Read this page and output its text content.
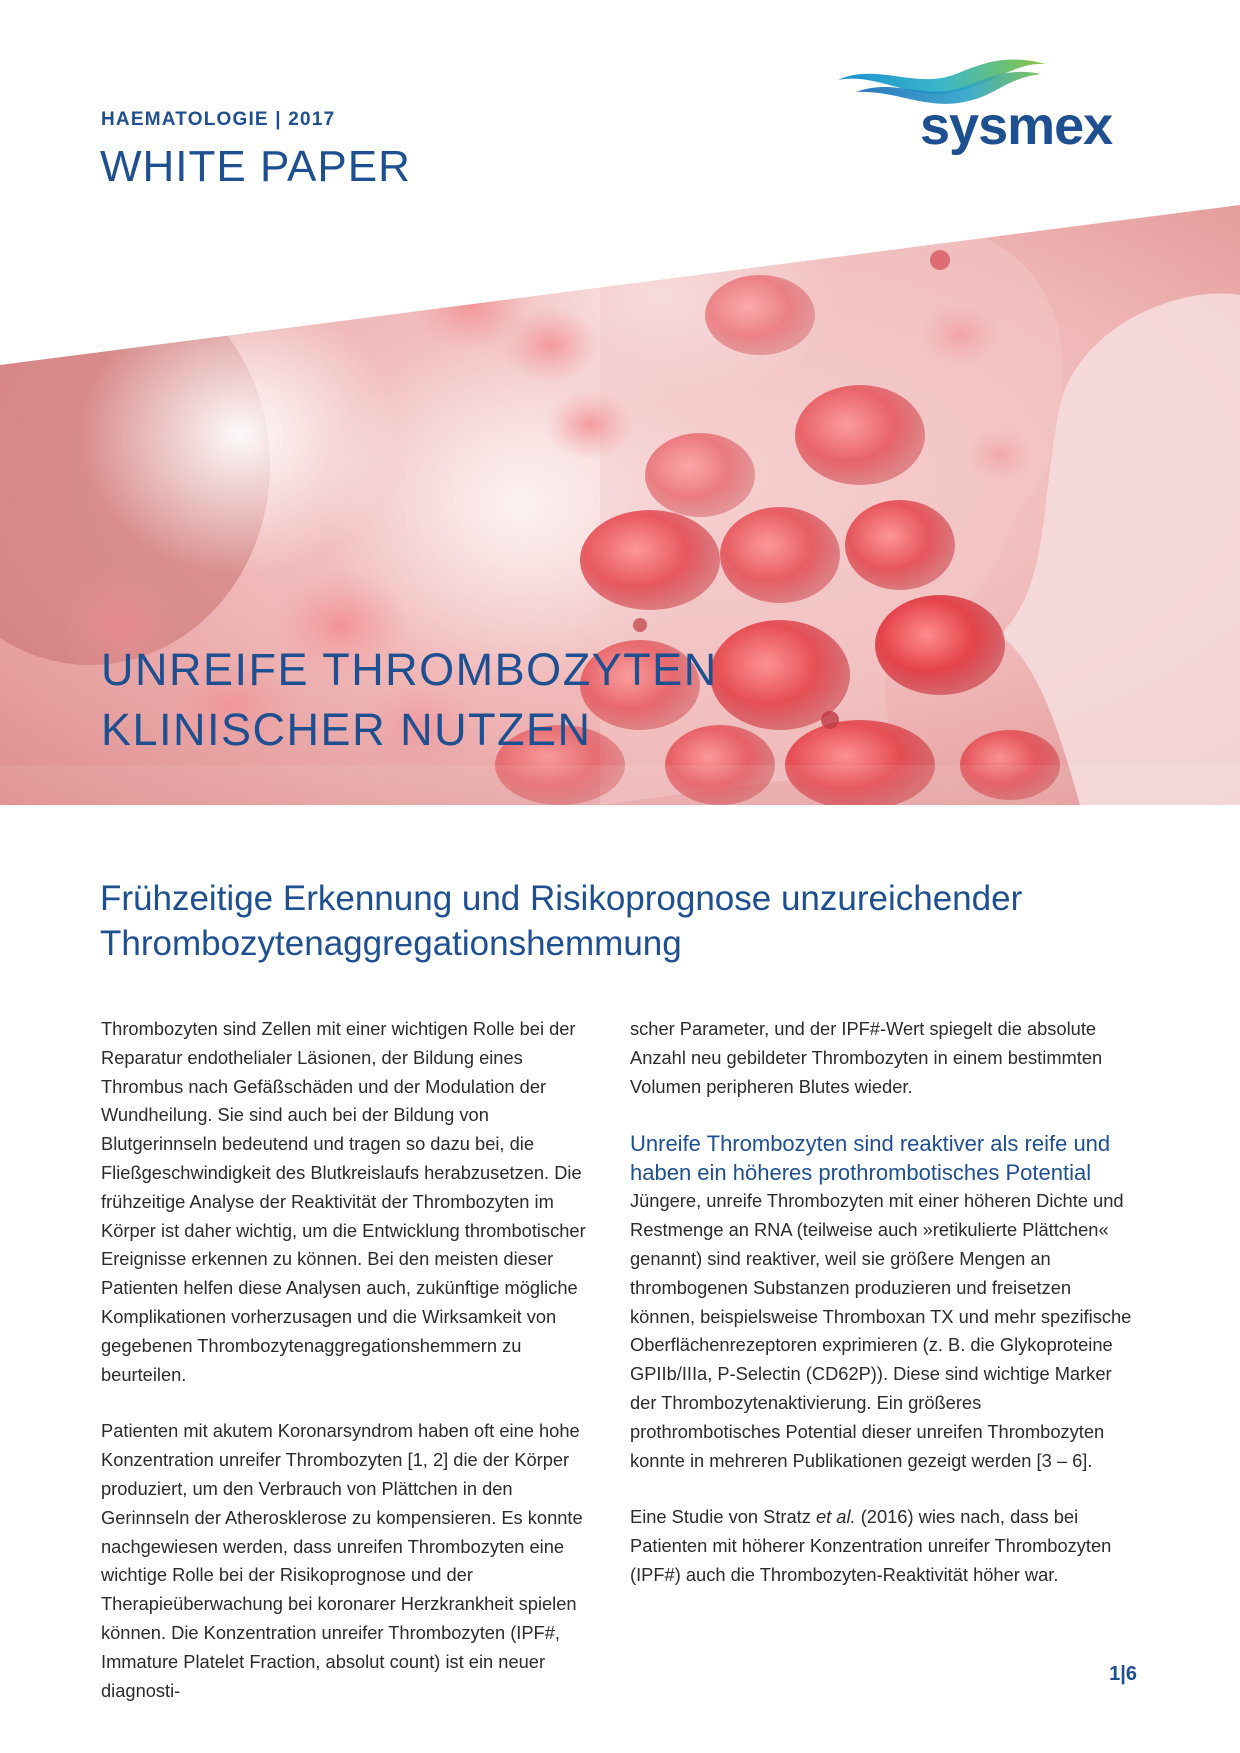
HAEMATOLOGIE | 2017
WHITE PAPER
sysmex
UNREIFE THROMBOZYTEN
KLINISCHER NUTZEN
Frühzeitige Erkennung und Risikoprognose unzureichender Thrombozytenaggregationshemmung

Thrombozyten sind Zellen mit einer wichtigen Rolle bei der Reparatur endothelialer Läsionen, der Bildung eines Thrombus nach Gefäßschäden und der Modulation der Wundheilung. Sie sind auch bei der Bildung von Blutgerinnseln bedeutend und tragen so dazu bei, die Fließgeschwindigkeit des Blutkreislaufs herabzusetzen. Die frühzeitige Analyse der Reaktivität der Thrombozyten im Körper ist daher wichtig, um die Entwicklung thrombotischer Ereignisse erkennen zu können. Bei den meisten dieser Patienten helfen diese Analysen auch, zukünftige mögliche Komplikationen vorherzusagen und die Wirksamkeit von gegebenen Thrombozytenaggregationshemmern zu beurteilen.

Patienten mit akutem Koronarsyndrom haben oft eine hohe Konzentration unreifer Thrombozyten [1, 2] die der Körper produziert, um den Verbrauch von Plättchen in den Gerinnseln der Atherosklerose zu kompensieren. Es konnte nachgewiesen werden, dass unreifen Thrombozyten eine wichtige Rolle bei der Risikoprognose und der Therapieüberwachung bei koronarer Herzkrankheit spielen können. Die Konzentration unreifer Thrombozyten (IPF#, Immature Platelet Fraction, absolut count) ist ein neuer diagnosti-

scher Parameter, und der IPF#-Wert spiegelt die absolute Anzahl neu gebildeter Thrombozyten in einem bestimmten Volumen peripheren Blutes wieder.

Unreife Thrombozyten sind reaktiver als reife und haben ein höheres prothrombotisches Potential

Jüngere, unreife Thrombozyten mit einer höheren Dichte und Restmenge an RNA (teilweise auch »retikulierte Plättchen« genannt) sind reaktiver, weil sie größere Mengen an thrombogenen Substanzen produzieren und freisetzen können, beispielsweise Thromboxan TX und mehr spezifische Oberflächenrezeptoren exprimieren (z. B. die Glykoproteine GPIIb/IIIa, P-Selectin (CD62P)). Diese sind wichtige Marker der Thrombozytenaktivierung. Ein größeres prothrombotisches Potential dieser unreifen Thrombozyten konnte in mehreren Publikationen gezeigt werden [3 – 6].

Eine Studie von Stratz et al. (2016) wies nach, dass bei Patienten mit höherer Konzentration unreifer Thrombozyten (IPF#) auch die Thrombozyten-Reaktivität höher war.

1|6
